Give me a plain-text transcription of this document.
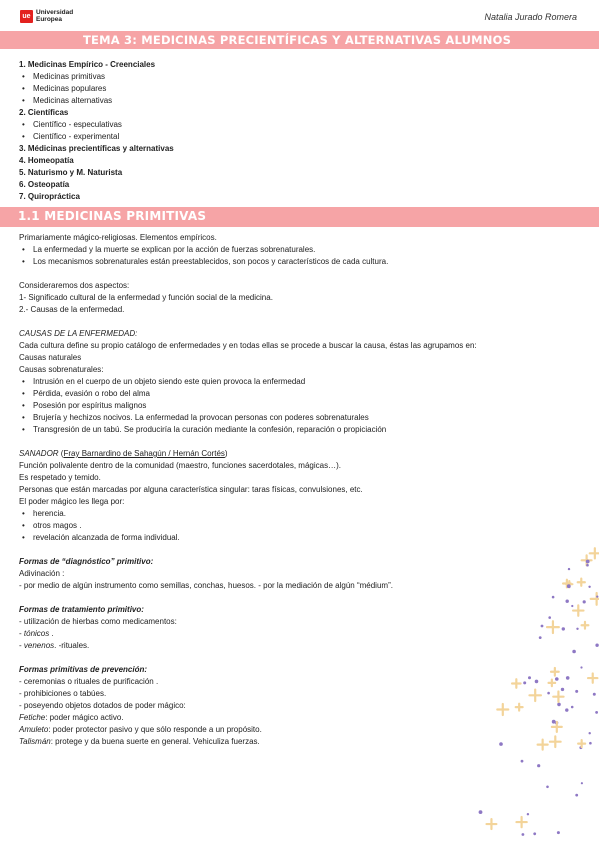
ue
Universidad
Europea	Natalia Jurado Romera
TEMA 3: MEDICINAS PRECIENTÍFICAS Y ALTERNATIVAS ALUMNOS
1. Medicinas Empírico - Creenciales
• Medicinas primitivas
• Medicinas populares
• Medicinas alternativas
2. Científicas
• Científico - especulativas
• Científico - experimental
3. Médicinas precientíficas y alternativas
4. Homeopatía
5. Naturismo y M. Naturista
6. Osteopatía
7. Quiropráctica
1.1 MEDICINAS PRIMITIVAS
Primariamente mágico-religiosas. Elementos empíricos.
• La enfermedad y la muerte se explican por la acción de fuerzas sobrenaturales.
• Los mecanismos sobrenaturales están preestablecidos, son pocos y característicos de cada cultura.
Consideraremos dos aspectos:
1- Significado cultural de la enfermedad y función social de la medicina.
2.- Causas de la enfermedad.
CAUSAS DE LA ENFERMEDAD:
Cada cultura define su propio catálogo de enfermedades y en todas ellas se procede a buscar la causa, éstas las agrupamos en:
Causas naturales
Causas sobrenaturales:
• Intrusión en el cuerpo de un objeto siendo este quien provoca la enfermedad
• Pérdida, evasión o robo del alma
• Posesión por espíritus malignos
• Brujería y hechizos nocivos. La enfermedad la provocan personas con poderes sobrenaturales
• Transgresión de un tabú. Se produciría la curación mediante la confesión, reparación o propiciación
SANADOR (Fray Barnardino de Sahagún / Hernán Cortés)
Función polivalente dentro de la comunidad (maestro, funciones sacerdotales, mágicas…).
Es respetado y temido.
Personas que están marcadas por alguna característica singular: taras físicas, convulsiones, etc.
El poder mágico les llega por:
• herencia.
• otros magos .
• revelación alcanzada de forma individual.
Formas de “diagnóstico” primitivo:
Adivinación :
- por medio de algún instrumento como semillas, conchas, huesos. - por la mediación de algún “médium”.
Formas de tratamiento primitivo:
- utilización de hierbas como medicamentos:
- tónicos .
- venenos. -rituales.
Formas primitivas de prevención:
- ceremonias o rituales de purificación .
- prohibiciones o tabúes.
- poseyendo objetos dotados de poder mágico:
Fetiche: poder mágico activo.
Amuleto: poder protector pasivo y que sólo responde a un propósito.
Talismán: protege y da buena suerte en general. Vehiculiza fuerzas.
